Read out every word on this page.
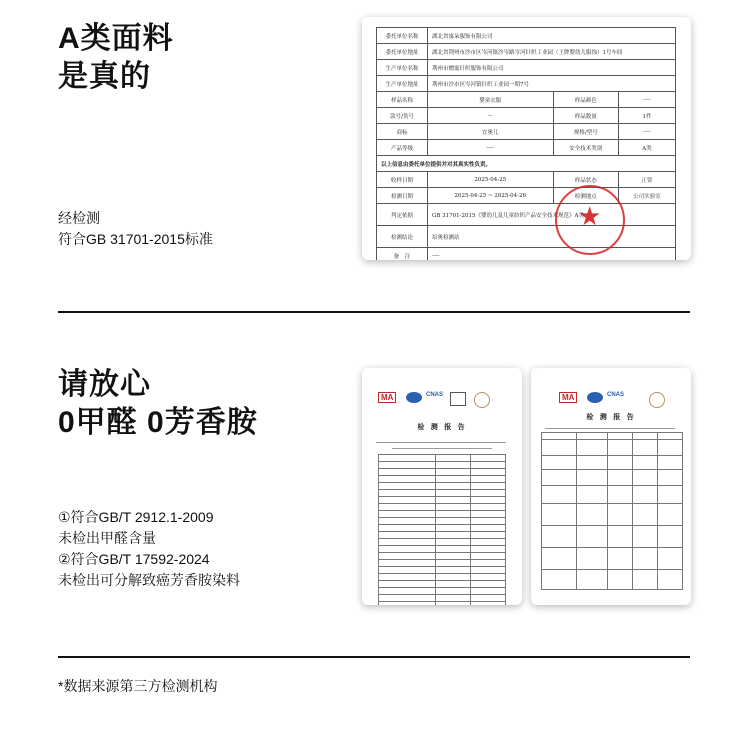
A类面料
是真的
经检测
符合GB 31701-2015标准
委托单位名称	湖北省寓朵服饰有限公司		
委托单位地址	湖北省荆州市沙市区岑河镇沙岑路岑河针织工业园（王牌婴幼儿服饰）1号车间		
生产单位名称	荆州市赠寓针织服饰有限公司		
生产单位地址	荆州市沙市区岑河镇针织工业园一期7号		
样品名称	婴童衣服	样品颜色	----
款号/货号	--	样品数量	1件
商标	宜奥儿	规格/型号	----
产品等级	----	安全技术类别	A类
以上信息由委托单位提供并对其真实性负责。			
收样日期	2025-04-25	样品状态	正常
检测日期	2025-04-25 ~ 2025-04-26	检测地点	公司实验室
判定依据	GB 31701-2015《婴幼儿及儿童纺织产品安全技术规范》A类		
检测结论	培奥检测站		
备　注	----		
★
请放心
0甲醛 0芳香胺
①符合GB/T 2912.1-2009
未检出甲醛含量
②符合GB/T 17592-2024
未检出可分解致癌芳香胺染料
MA	CNAS
检 测 报 告

MA	CNAS
检 测 报 告

*数据来源第三方检测机构
